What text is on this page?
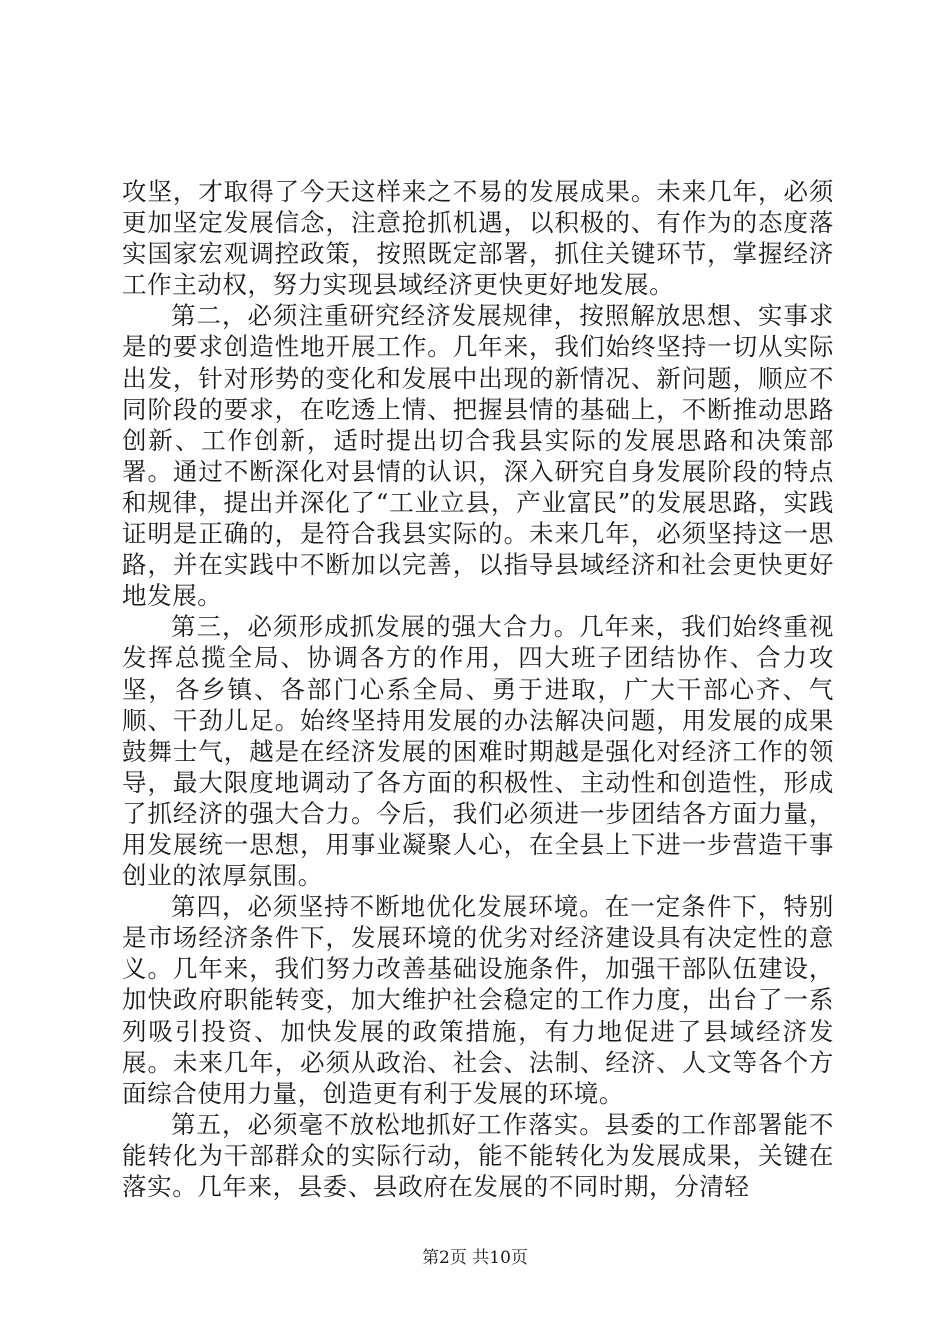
攻坚，才取得了今天这样来之不易的发展成果。未来几年，必须更加坚定发展信念，注意抢抓机遇，以积极的、有作为的态度落实国家宏观调控政策，按照既定部署，抓住关键环节，掌握经济工作主动权，努力实现县域经济更快更好地发展。

第二，必须注重研究经济发展规律，按照解放思想、实事求是的要求创造性地开展工作。几年来，我们始终坚持一切从实际出发，针对形势的变化和发展中出现的新情况、新问题，顺应不同阶段的要求，在吃透上情、把握县情的基础上，不断推动思路创新、工作创新，适时提出切合我县实际的发展思路和决策部署。通过不断深化对县情的认识，深入研究自身发展阶段的特点和规律，提出并深化了“工业立县，产业富民”的发展思路，实践证明是正确的，是符合我县实际的。未来几年，必须坚持这一思路，并在实践中不断加以完善，以指导县域经济和社会更快更好地发展。

第三，必须形成抓发展的强大合力。几年来，我们始终重视发挥总揽全局、协调各方的作用，四大班子团结协作、合力攻坚，各乡镇、各部门心系全局、勇于进取，广大干部心齐、气顺、干劲儿足。始终坚持用发展的办法解决问题，用发展的成果鼓舞士气，越是在经济发展的困难时期越是强化对经济工作的领导，最大限度地调动了各方面的积极性、主动性和创造性，形成了抓经济的强大合力。今后，我们必须进一步团结各方面力量，用发展统一思想，用事业凝聚人心，在全县上下进一步营造干事创业的浓厚氛围。

第四，必须坚持不断地优化发展环境。在一定条件下，特别是市场经济条件下，发展环境的优劣对经济建设具有决定性的意义。几年来，我们努力改善基础设施条件，加强干部队伍建设，加快政府职能转变，加大维护社会稳定的工作力度，出台了一系列吸引投资、加快发展的政策措施，有力地促进了县域经济发展。未来几年，必须从政治、社会、法制、经济、人文等各个方面综合使用力量，创造更有利于发展的环境。

第五，必须毫不放松地抓好工作落实。县委的工作部署能不能转化为干部群众的实际行动，能不能转化为发展成果，关键在落实。几年来，县委、县政府在发展的不同时期，分清轻

第2页 共10页
